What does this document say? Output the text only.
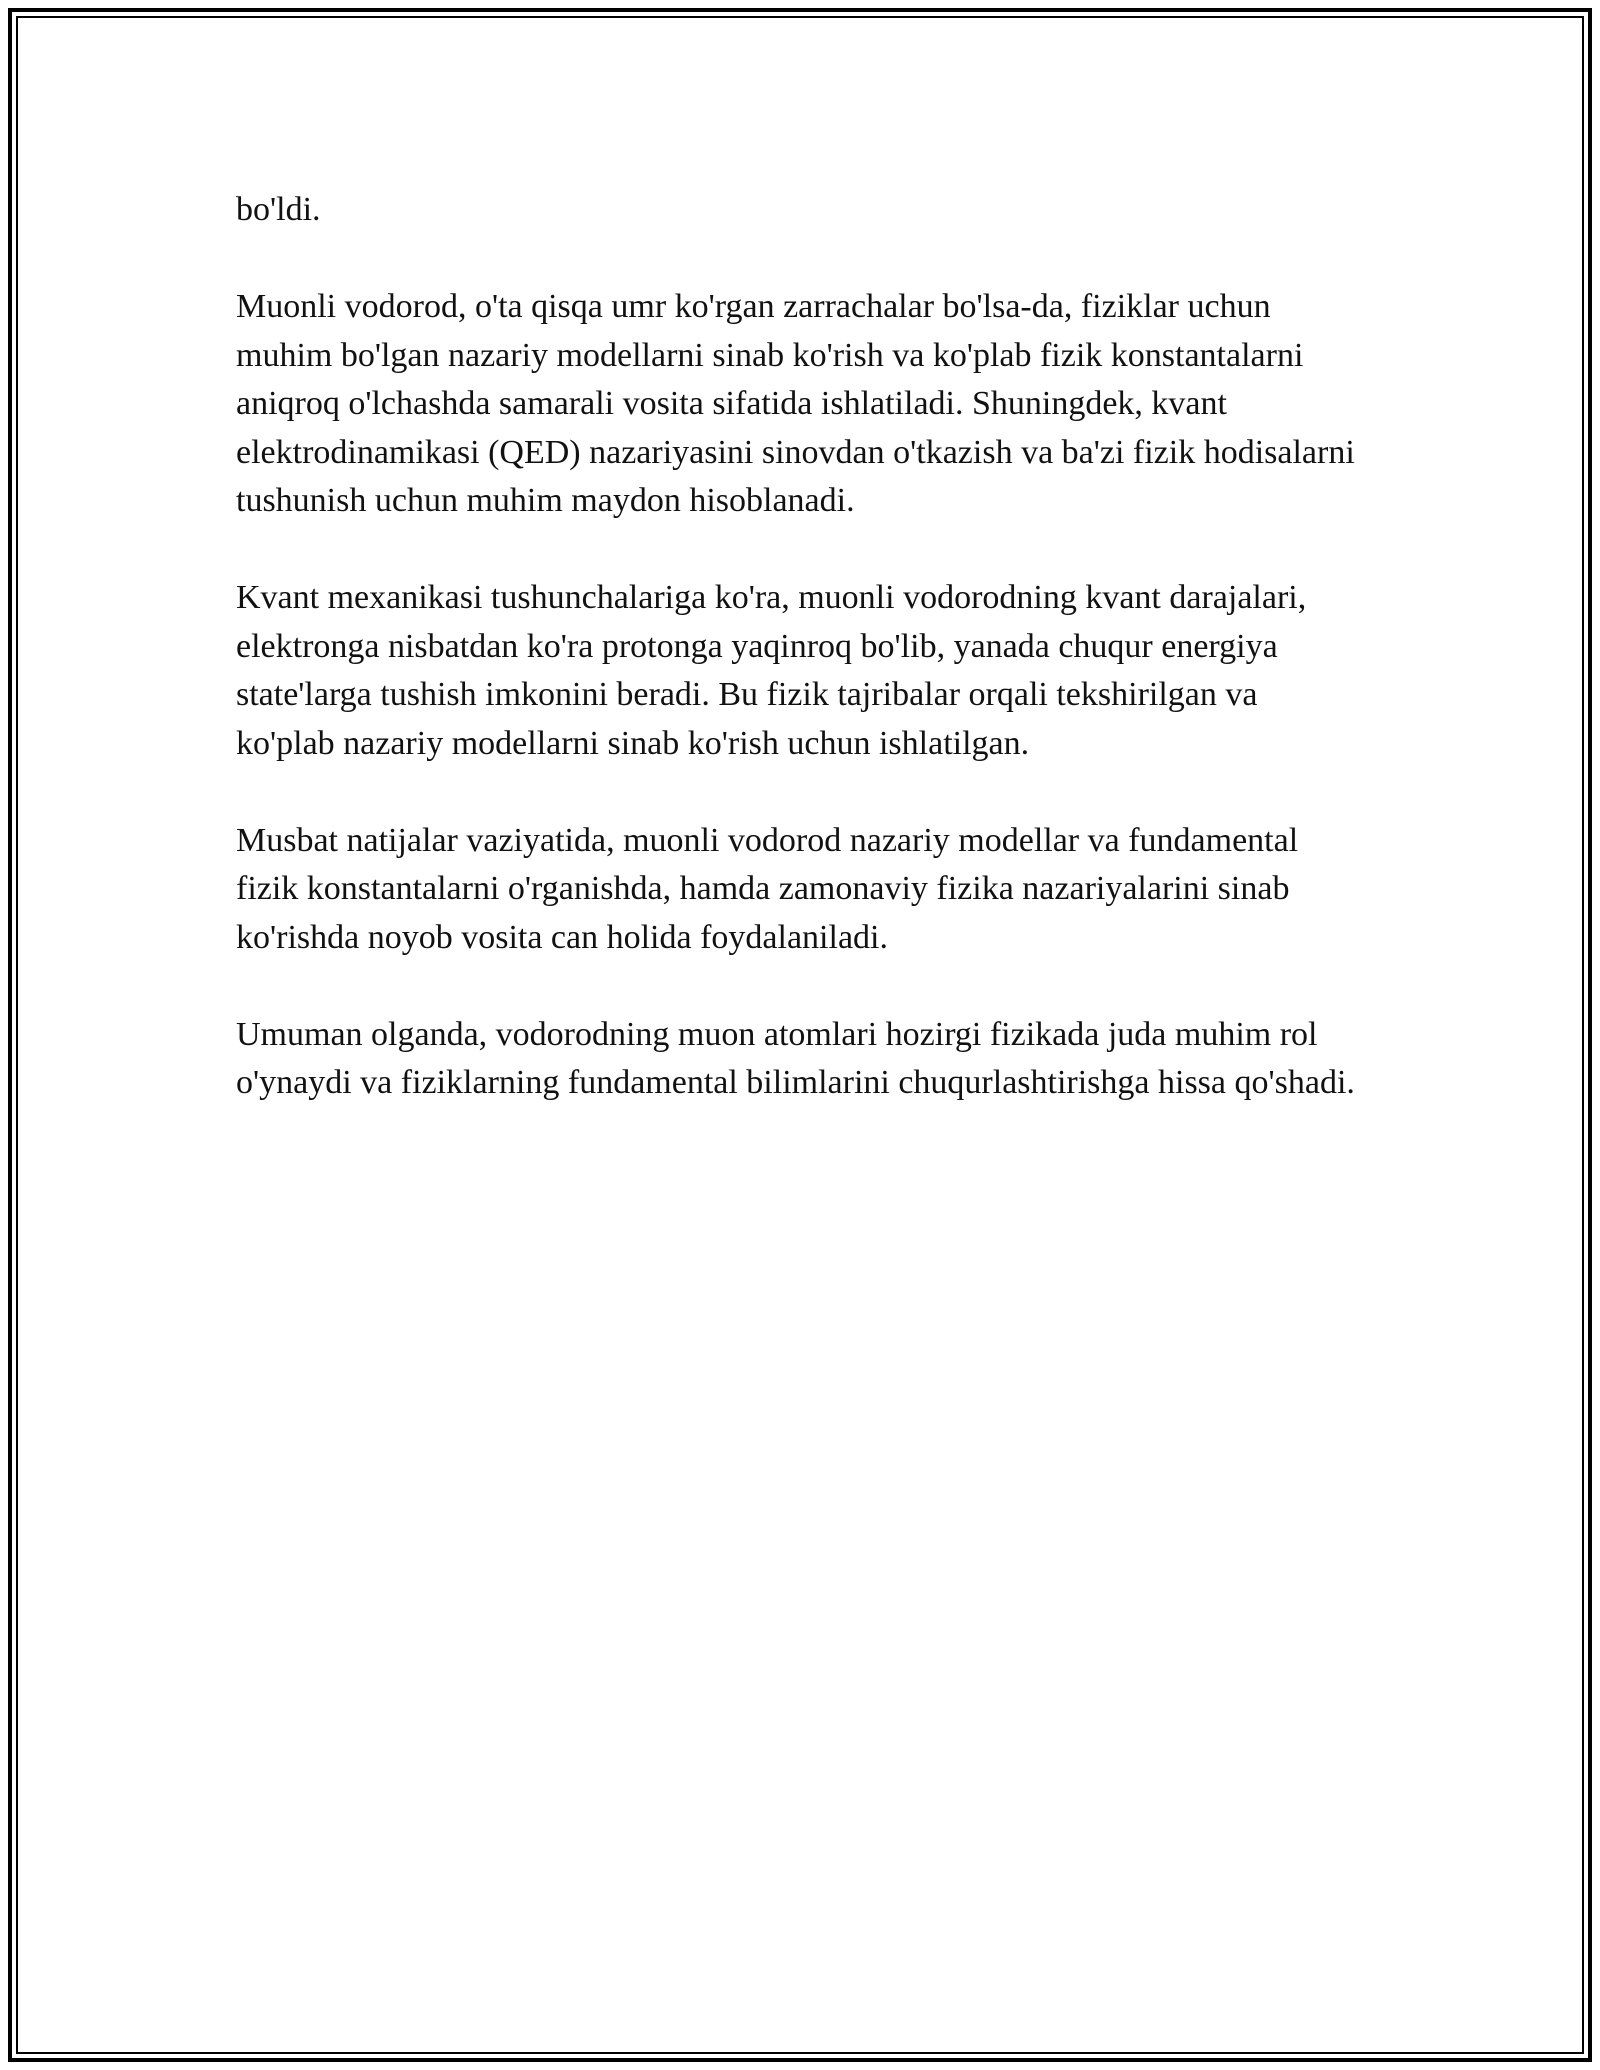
bo'ldi.

Muonli vodorod, o'ta qisqa umr ko'rgan zarrachalar bo'lsa-da, fiziklar uchun muhim bo'lgan nazariy modellarni sinab ko'rish va ko'plab fizik konstantalarni aniqroq o'lchashda samarali vosita sifatida ishlatiladi. Shuningdek, kvant elektrodinamikasi (QED) nazariyasini sinovdan o'tkazish va ba'zi fizik hodisalarni tushunish uchun muhim maydon hisoblanadi.

Kvant mexanikasi tushunchalariga ko'ra, muonli vodorodning kvant darajalari, elektronga nisbatdan ko'ra protonga yaqinroq bo'lib, yanada chuqur energiya state'larga tushish imkonini beradi. Bu fizik tajribalar orqali tekshirilgan va ko'plab nazariy modellarni sinab ko'rish uchun ishlatilgan.

Musbat natijalar vaziyatida, muonli vodorod nazariy modellar va fundamental fizik konstantalarni o'rganishda, hamda zamonaviy fizika nazariyalarini sinab ko'rishda noyob vosita can holida foydalaniladi.

Umuman olganda, vodorodning muon atomlari hozirgi fizikada juda muhim rol o'ynaydi va fiziklarning fundamental bilimlarini chuqurlashtirishga hissa qo'shadi.
